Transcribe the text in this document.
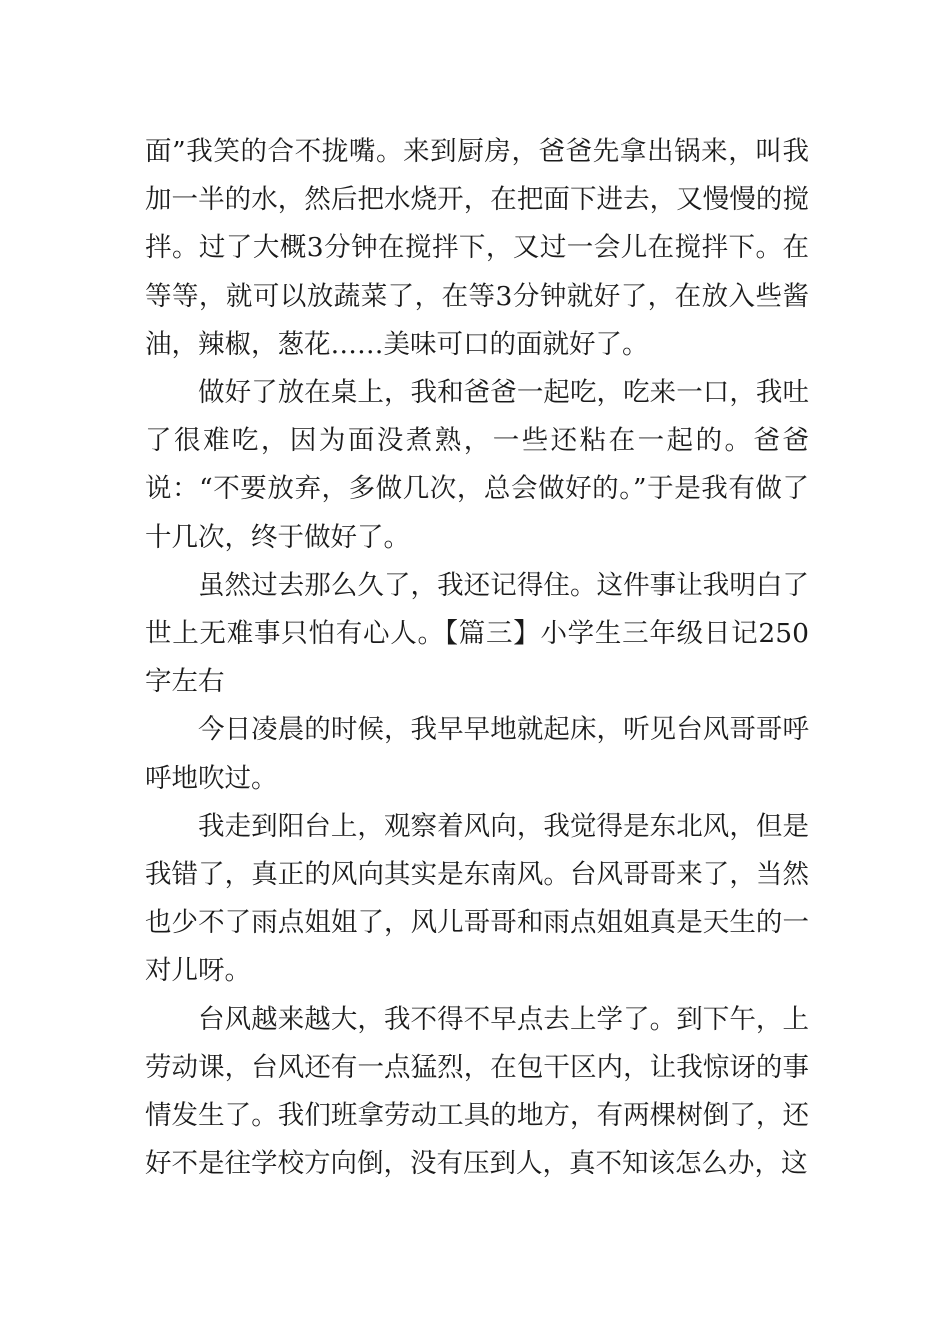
面”我笑的合不拢嘴。来到厨房，爸爸先拿出锅来，叫我加一半的水，然后把水烧开，在把面下进去，又慢慢的搅拌。过了大概3分钟在搅拌下，又过一会儿在搅拌下。在等等，就可以放蔬菜了，在等3分钟就好了，在放入些酱油，辣椒，葱花……美味可口的面就好了。

做好了放在桌上，我和爸爸一起吃，吃来一口，我吐了很难吃，因为面没煮熟，一些还粘在一起的。爸爸说：“不要放弃，多做几次，总会做好的。”于是我有做了十几次，终于做好了。

虽然过去那么久了，我还记得住。这件事让我明白了世上无难事只怕有心人。【篇三】小学生三年级日记250字左右

今日凌晨的时候，我早早地就起床，听见台风哥哥呼呼地吹过。

我走到阳台上，观察着风向，我觉得是东北风，但是我错了，真正的风向其实是东南风。台风哥哥来了，当然也少不了雨点姐姐了，风儿哥哥和雨点姐姐真是天生的一对儿呀。

台风越来越大，我不得不早点去上学了。到下午，上劳动课，台风还有一点猛烈，在包干区内，让我惊讶的事情发生了。我们班拿劳动工具的地方，有两棵树倒了，还好不是往学校方向倒，没有压到人，真不知该怎么办，这
